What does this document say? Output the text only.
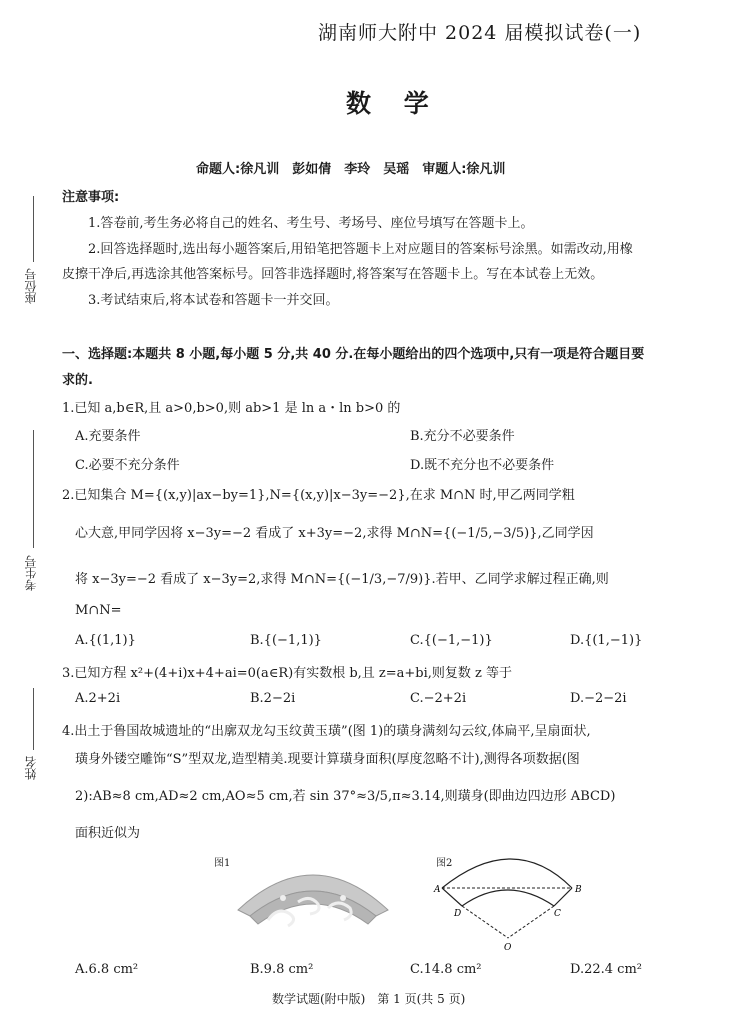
湖南师大附中 2024 届模拟试卷(一)
数 学
命题人:徐凡训　彭如倩　李玲　吴瑶　审题人:徐凡训
座位号
考生号
姓名
注意事项:
1.答卷前,考生务必将自己的姓名、考生号、考场号、座位号填写在答题卡上。
2.回答选择题时,选出每小题答案后,用铅笔把答题卡上对应题目的答案标号涂黑。如需改动,用橡
皮擦干净后,再选涂其他答案标号。回答非选择题时,将答案写在答题卡上。写在本试卷上无效。
3.考试结束后,将本试卷和答题卡一并交回。
一、选择题:本题共 8 小题,每小题 5 分,共 40 分.在每小题给出的四个选项中,只有一项是符合题目要
求的.
1.已知 a,b∈R,且 a>0,b>0,则 ab>1 是 ln a・ln b>0 的
A.充要条件	B.充分不必要条件
C.必要不充分条件	D.既不充分也不必要条件
2.已知集合 M={(x,y)|ax−by=1},N={(x,y)|x−3y=−2},在求 M∩N 时,甲乙两同学粗
心大意,甲同学因将 x−3y=−2 看成了 x+3y=−2,求得 M∩N={(−1/5,−3/5)},乙同学因
将 x−3y=−2 看成了 x−3y=2,求得 M∩N={(−1/3,−7/9)}.若甲、乙同学求解过程正确,则
M∩N=
A.{(1,1)}	B.{(−1,1)}	C.{(−1,−1)}	D.{(1,−1)}
3.已知方程 x²+(4+i)x+4+ai=0(a∈R)有实数根 b,且 z=a+bi,则复数 z 等于
A.2+2i	B.2−2i	C.−2+2i	D.−2−2i
4.出土于鲁国故城遗址的“出廓双龙勾玉纹黄玉璜”(图 1)的璜身满刻勾云纹,体扁平,呈扇面状,
璜身外镂空雕饰“S”型双龙,造型精美.现要计算璜身面积(厚度忽略不计),测得各项数据(图
2):AB≈8 cm,AD≈2 cm,AO≈5 cm,若 sin 37°≈3/5,π≈3.14,则璜身(即曲边四边形 ABCD)
面积近似为
图1	图2
A	B
D	C
O
A.6.8 cm²	B.9.8 cm²	C.14.8 cm²	D.22.4 cm²
数学试题(附中版)　第 1 页(共 5 页)
